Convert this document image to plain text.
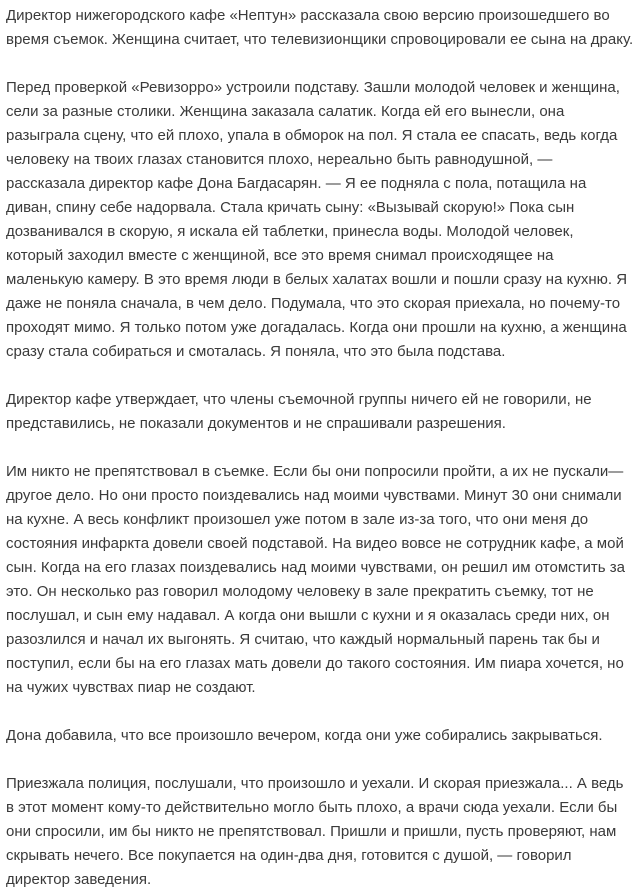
Директор нижегородского кафе «Нептун» рассказала свою версию произошедшего во время съемок. Женщина считает, что телевизионщики спровоцировали ее сына на драку.

Перед проверкой «Ревизорро» устроили подставу. Зашли молодой человек и женщина, сели за разные столики. Женщина заказала салатик. Когда ей его вынесли, она разыграла сцену, что ей плохо, упала в обморок на пол. Я стала ее спасать, ведь когда человеку на твоих глазах становится плохо, нереально быть равнодушной, — рассказала директор кафе Дона Багдасарян. — Я ее подняла с пола, потащила на диван, спину себе надорвала. Стала кричать сыну: «Вызывай скорую!» Пока сын дозванивался в скорую, я искала ей таблетки, принесла воды. Молодой человек, который заходил вместе с женщиной, все это время снимал происходящее на маленькую камеру. В это время люди в белых халатах вошли и пошли сразу на кухню. Я даже не поняла сначала, в чем дело. Подумала, что это скорая приехала, но почему-то проходят мимо. Я только потом уже догадалась. Когда они прошли на кухню, а женщина сразу стала собираться и смоталась. Я поняла, что это была подстава.

Директор кафе утверждает, что члены съемочной группы ничего ей не говорили, не представились, не показали документов и не спрашивали разрешения.

Им никто не препятствовал в съемке. Если бы они попросили пройти, а их не пускали— другое дело. Но они просто поиздевались над моими чувствами. Минут 30 они снимали на кухне. А весь конфликт произошел уже потом в зале из-за того, что они меня до состояния инфаркта довели своей подставой. На видео вовсе не сотрудник кафе, а мой сын. Когда на его глазах поиздевались над моими чувствами, он решил им отомстить за это. Он несколько раз говорил молодому человеку в зале прекратить съемку, тот не послушал, и сын ему надавал. А когда они вышли с кухни и я оказалась среди них, он разозлился и начал их выгонять. Я считаю, что каждый нормальный парень так бы и поступил, если бы на его глазах мать довели до такого состояния. Им пиара хочется, но на чужих чувствах пиар не создают.

Дона добавила, что все произошло вечером, когда они уже собирались закрываться.

Приезжала полиция, послушали, что произошло и уехали. И скорая приезжала... А ведь в этот момент кому-то действительно могло быть плохо, а врачи сюда уехали. Если бы они спросили, им бы никто не препятствовал. Пришли и пришли, пусть проверяют, нам скрывать нечего. Все покупается на один-два дня, готовится с душой, — говорил директор заведения.
